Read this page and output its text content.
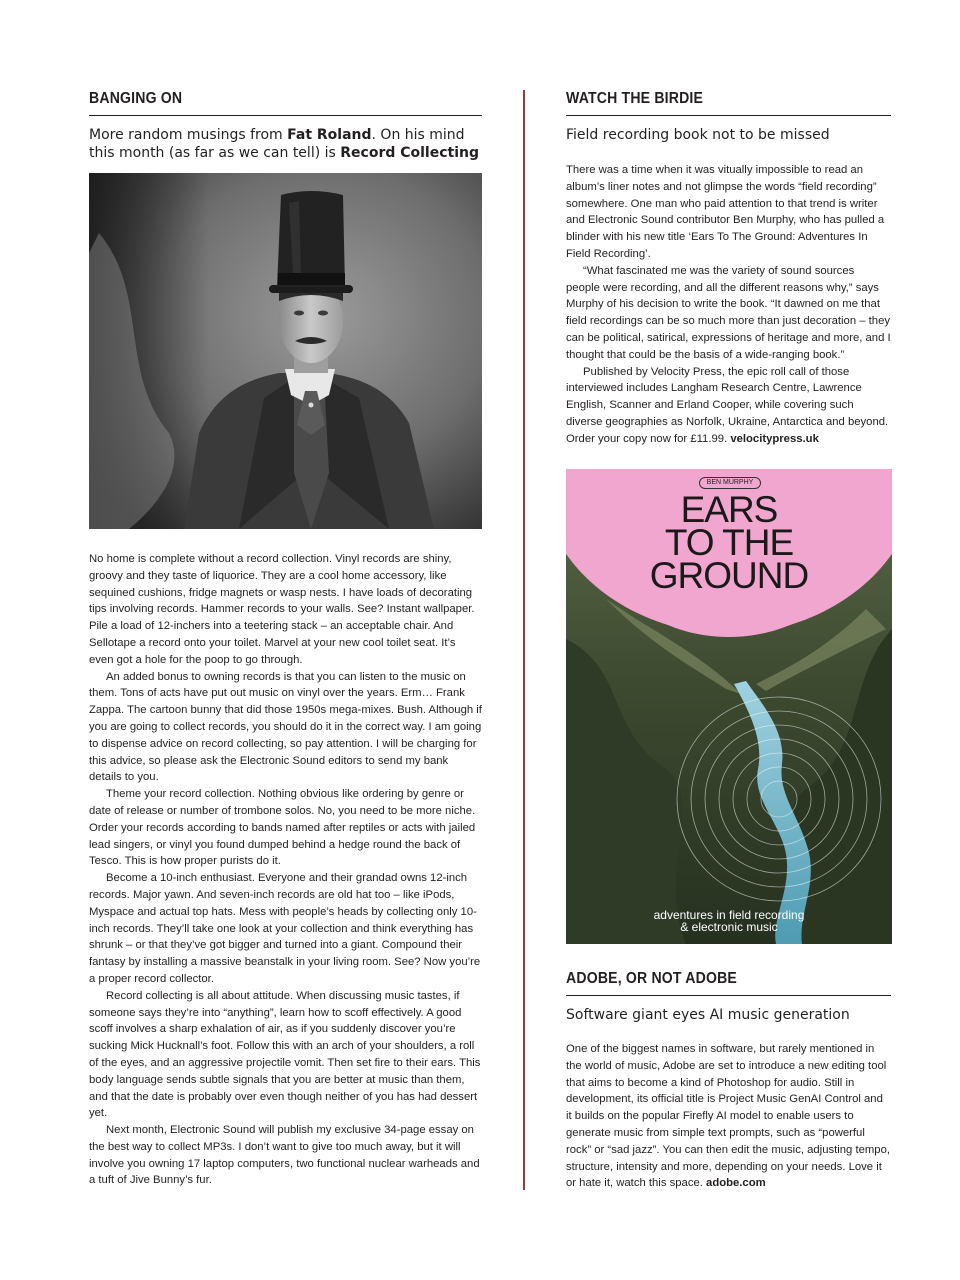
BANGING ON
More random musings from Fat Roland. On his mind this month (as far as we can tell) is Record Collecting

No home is complete without a record collection. Vinyl records are shiny, groovy and they taste of liquorice. They are a cool home accessory, like sequined cushions, fridge magnets or wasp nests. I have loads of decorating tips involving records. Hammer records to your walls. See? Instant wallpaper. Pile a load of 12-inchers into a teetering stack – an acceptable chair. And Sellotape a record onto your toilet. Marvel at your new cool toilet seat. It’s even got a hole for the poop to go through.

An added bonus to owning records is that you can listen to the music on them. Tons of acts have put out music on vinyl over the years. Erm… Frank Zappa. The cartoon bunny that did those 1950s mega-mixes. Bush. Although if you are going to collect records, you should do it in the correct way. I am going to dispense advice on record collecting, so pay attention. I will be charging for this advice, so please ask the Electronic Sound editors to send my bank details to you.

Theme your record collection. Nothing obvious like ordering by genre or date of release or number of trombone solos. No, you need to be more niche. Order your records according to bands named after reptiles or acts with jailed lead singers, or vinyl you found dumped behind a hedge round the back of Tesco. This is how proper purists do it.

Become a 10-inch enthusiast. Everyone and their grandad owns 12-inch records. Major yawn. And seven-inch records are old hat too – like iPods, Myspace and actual top hats. Mess with people’s heads by collecting only 10-inch records. They’ll take one look at your collection and think everything has shrunk – or that they’ve got bigger and turned into a giant. Compound their fantasy by installing a massive beanstalk in your living room. See? Now you’re a proper record collector.

Record collecting is all about attitude. When discussing music tastes, if someone says they’re into “anything”, learn how to scoff effectively. A good scoff involves a sharp exhalation of air, as if you suddenly discover you’re sucking Mick Hucknall’s foot. Follow this with an arch of your shoulders, a roll of the eyes, and an aggressive projectile vomit. Then set fire to their ears. This body language sends subtle signals that you are better at music than them, and that the date is probably over even though neither of you has had dessert yet.

Next month, Electronic Sound will publish my exclusive 34-page essay on the best way to collect MP3s. I don’t want to give too much away, but it will involve you owning 17 laptop computers, two functional nuclear warheads and a tuft of Jive Bunny’s fur.

WATCH THE BIRDIE
Field recording book not to be missed

There was a time when it was vitually impossible to read an album’s liner notes and not glimpse the words “field recording” somewhere. One man who paid attention to that trend is writer and Electronic Sound contributor Ben Murphy, who has pulled a blinder with his new title ‘Ears To The Ground: Adventures In Field Recording’.

“What fascinated me was the variety of sound sources people were recording, and all the different reasons why,” says Murphy of his decision to write the book. “It dawned on me that field recordings can be so much more than just decoration – they can be political, satirical, expressions of heritage and more, and I thought that could be the basis of a wide-ranging book.”

Published by Velocity Press, the epic roll call of those interviewed includes Langham Research Centre, Lawrence English, Scanner and Erland Cooper, while covering such diverse geographies as Norfolk, Ukraine, Antarctica and beyond. Order your copy now for £11.99. velocitypress.uk

BEN MURPHY
EARS
TO THE
GROUND
adventures in field recording
& electronic music
ADOBE, OR NOT ADOBE
Software giant eyes AI music generation

One of the biggest names in software, but rarely mentioned in the world of music, Adobe are set to introduce a new editing tool that aims to become a kind of Photoshop for audio. Still in development, its official title is Project Music GenAI Control and it builds on the popular Firefly AI model to enable users to generate music from simple text prompts, such as “powerful rock” or “sad jazz”. You can then edit the music, adjusting tempo, structure, intensity and more, depending on your needs. Love it or hate it, watch this space. adobe.com
